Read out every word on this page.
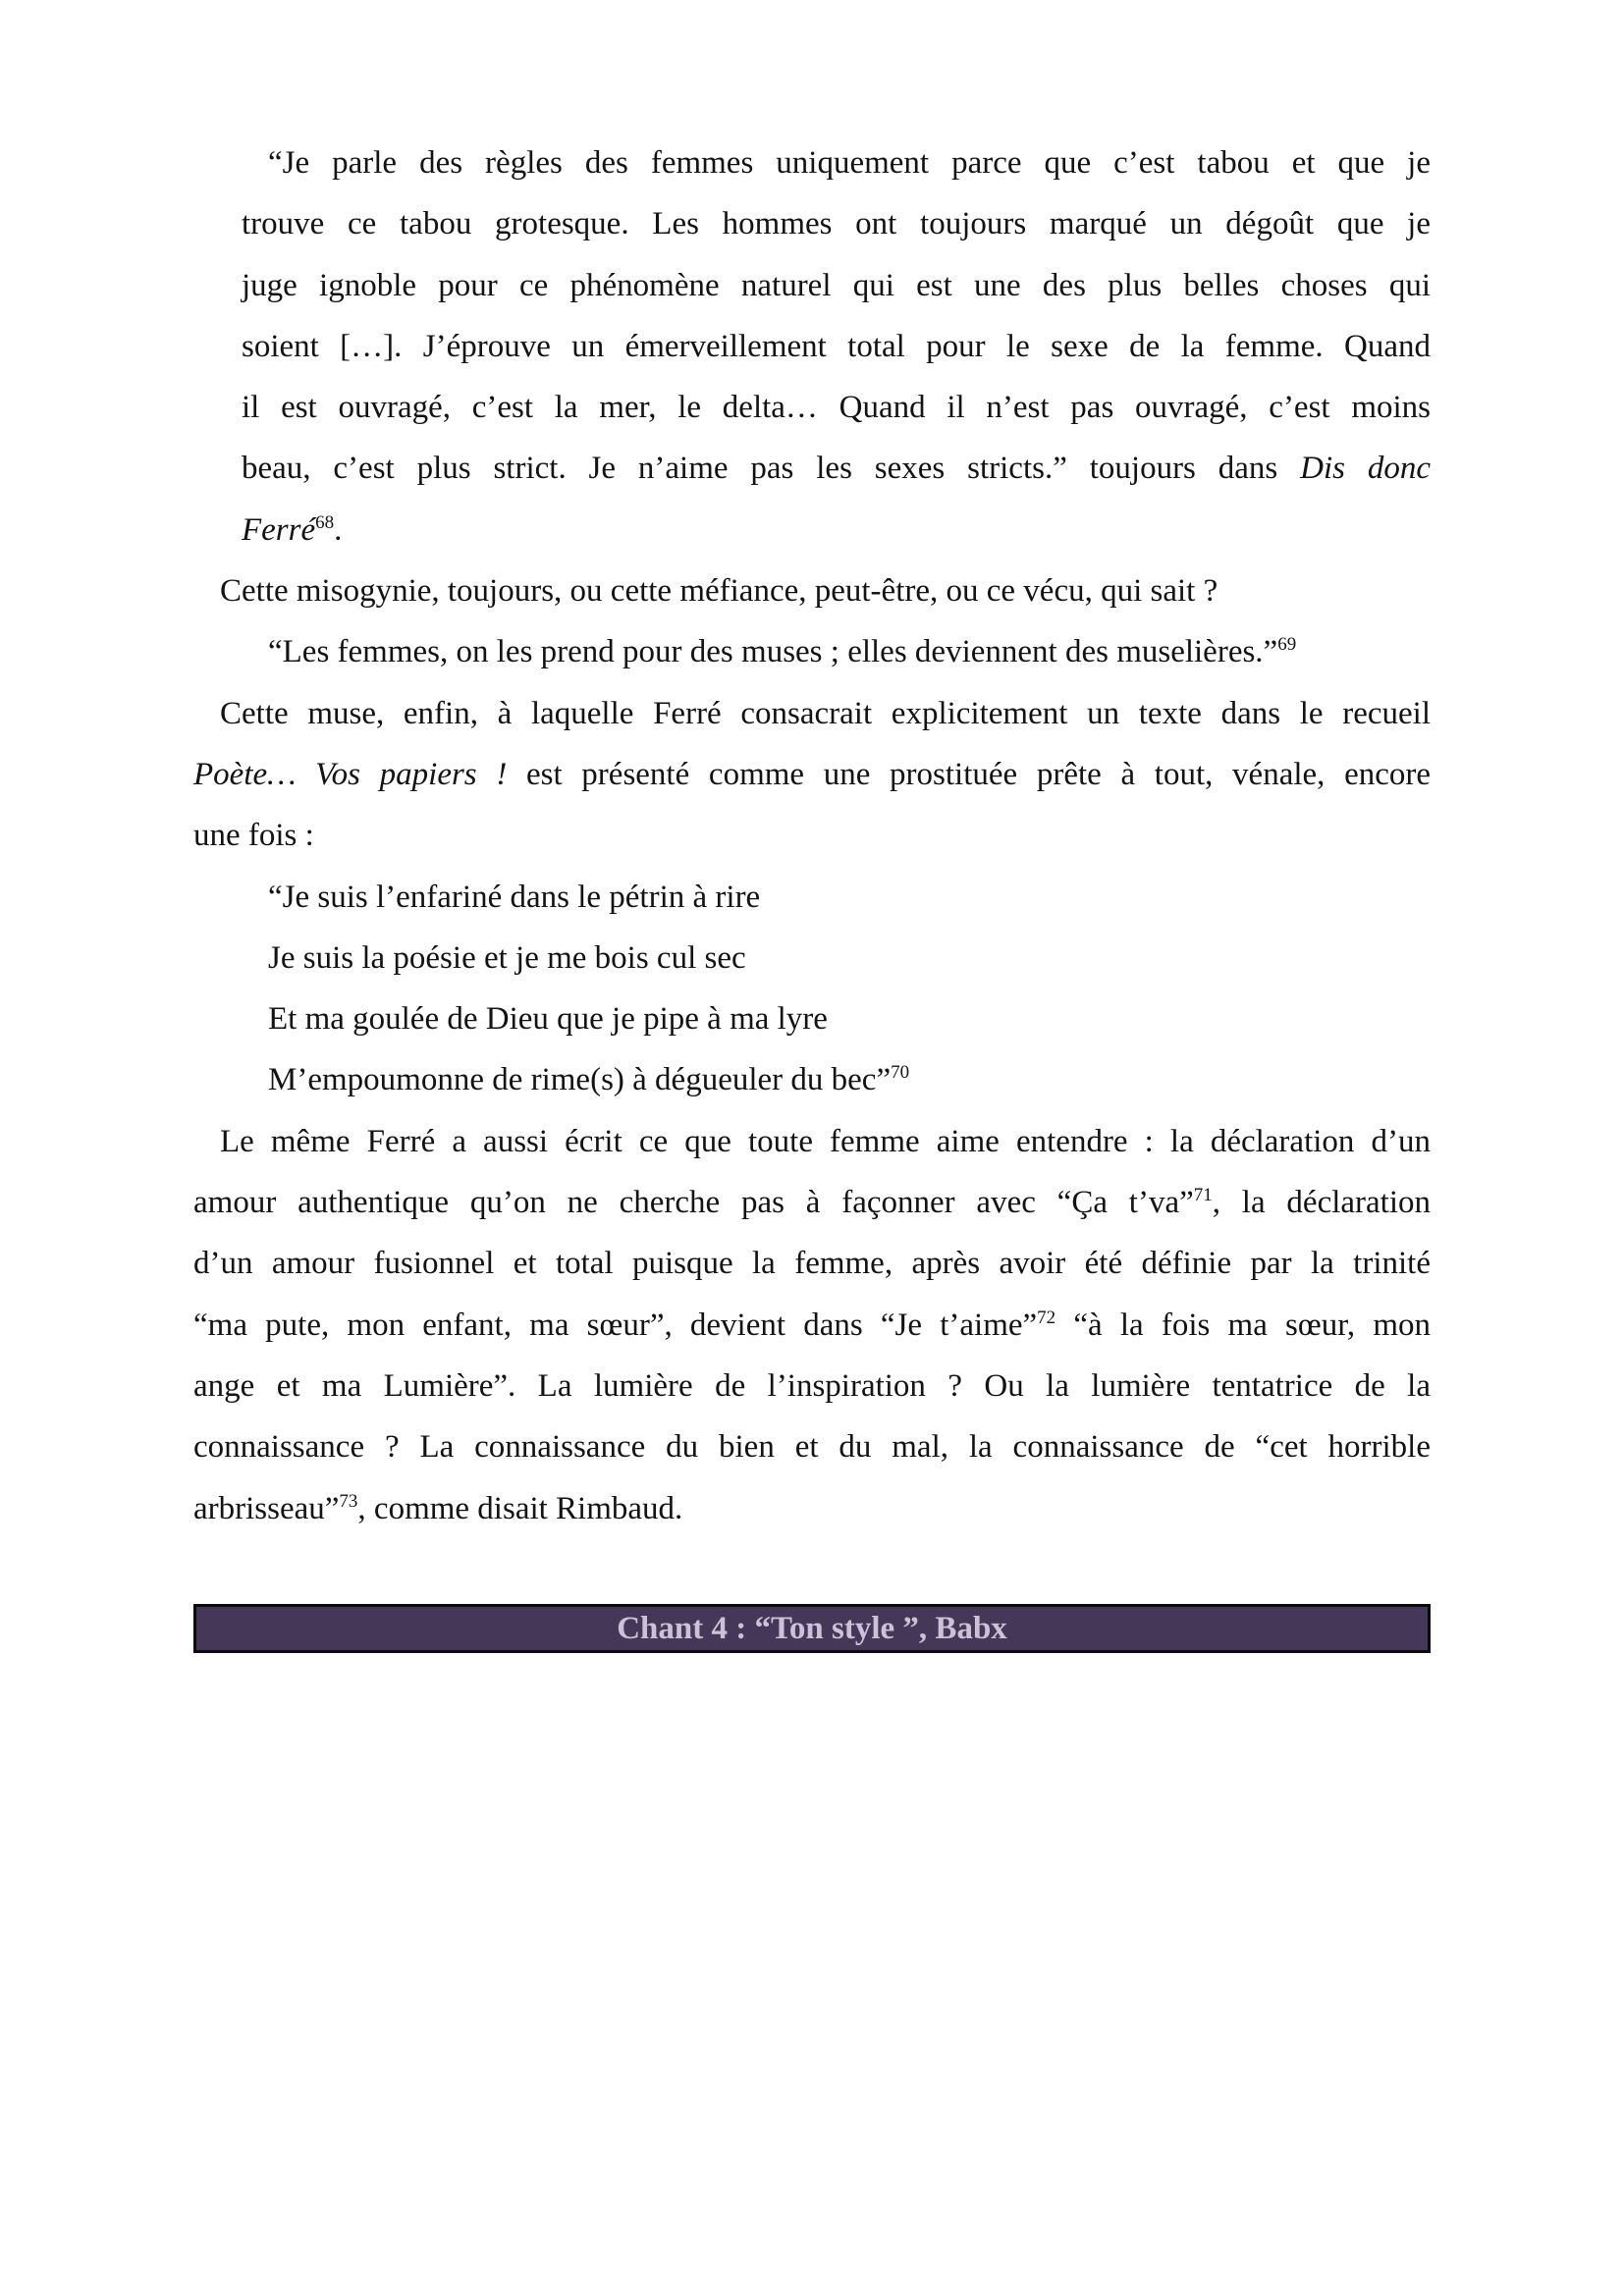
“Je parle des règles des femmes uniquement parce que c’est tabou et que je
trouve ce tabou grotesque. Les hommes ont toujours marqué un dégoût que je
juge ignoble pour ce phénomène naturel qui est une des plus belles choses qui
soient […]. J’éprouve un émerveillement total pour le sexe de la femme. Quand
il est ouvragé, c’est la mer, le delta… Quand il n’est pas ouvragé, c’est moins
beau, c’est plus strict. Je n’aime pas les sexes stricts.” toujours dans Dis donc
Ferré$^{68}$.
Cette misogynie, toujours, ou cette méfiance, peut-être, ou ce vécu, qui sait ?
“Les femmes, on les prend pour des muses ; elles deviennent des muselières.”$^{69}$
Cette muse, enfin, à laquelle Ferré consacrait explicitement un texte dans le recueil
Poète… Vos papiers ! est présenté comme une prostituée prête à tout, vénale, encore
une fois :
“Je suis l’enfariné dans le pétrin à rire
Je suis la poésie et je me bois cul sec
Et ma goulée de Dieu que je pipe à ma lyre
M’empoumonne de rime(s) à dégueuler du bec”$^{70}$
Le même Ferré a aussi écrit ce que toute femme aime entendre : la déclaration d’un
amour authentique qu’on ne cherche pas à façonner avec “Ça t’va”$^{71}$, la déclaration
d’un amour fusionnel et total puisque la femme, après avoir été définie par la trinité
“ma pute, mon enfant, ma sœur”, devient dans “Je t’aime”$^{72}$ “à la fois ma sœur, mon
ange et ma Lumière”. La lumière de l’inspiration ? Ou la lumière tentatrice de la
connaissance ? La connaissance du bien et du mal, la connaissance de “cet horrible
arbrisseau”$^{73}$, comme disait Rimbaud.
Chant 4 : “Ton style ”, Babx
